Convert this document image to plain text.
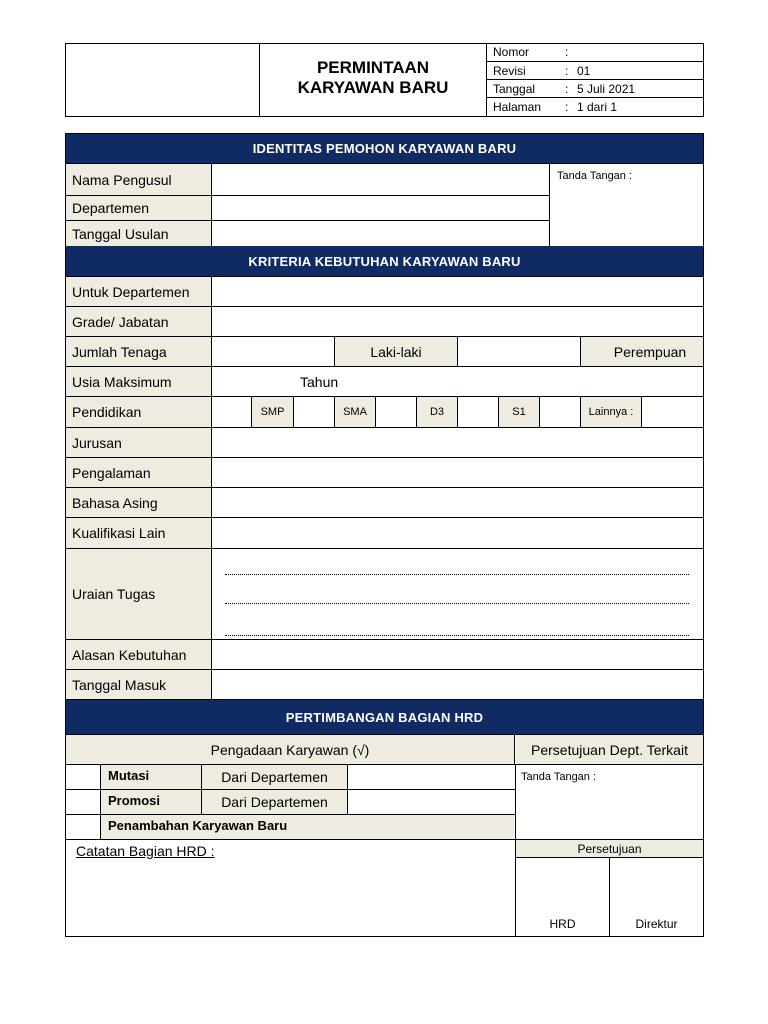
PERMINTAAN
KARYAWAN BARU
Nomor	:
Revisi	: 01
Tanggal : 5 Juli 2021
Halaman : 1 dari 1
IDENTITAS PEMOHON KARYAWAN BARU
Nama Pengusul
Departemen
Tanggal Usulan
Tanda Tangan :
KRITERIA KEBUTUHAN KARYAWAN BARU
Untuk Departemen
Grade/ Jabatan
Jumlah Tenaga	Laki-laki	Perempuan
Usia Maksimum	Tahun
Pendidikan	SMP	SMA	D3	S1	Lainnya :
Jurusan
Pengalaman
Bahasa Asing
Kualifikasi Lain
Uraian Tugas
Alasan Kebutuhan
Tanggal Masuk
PERTIMBANGAN BAGIAN HRD
Pengadaan Karyawan (√)	Persetujuan Dept. Terkait
Mutasi	Dari Departemen
Promosi	Dari Departemen
Penambahan Karyawan Baru
Tanda Tangan :
Catatan Bagian HRD :	Persetujuan
HRD	Direktur
